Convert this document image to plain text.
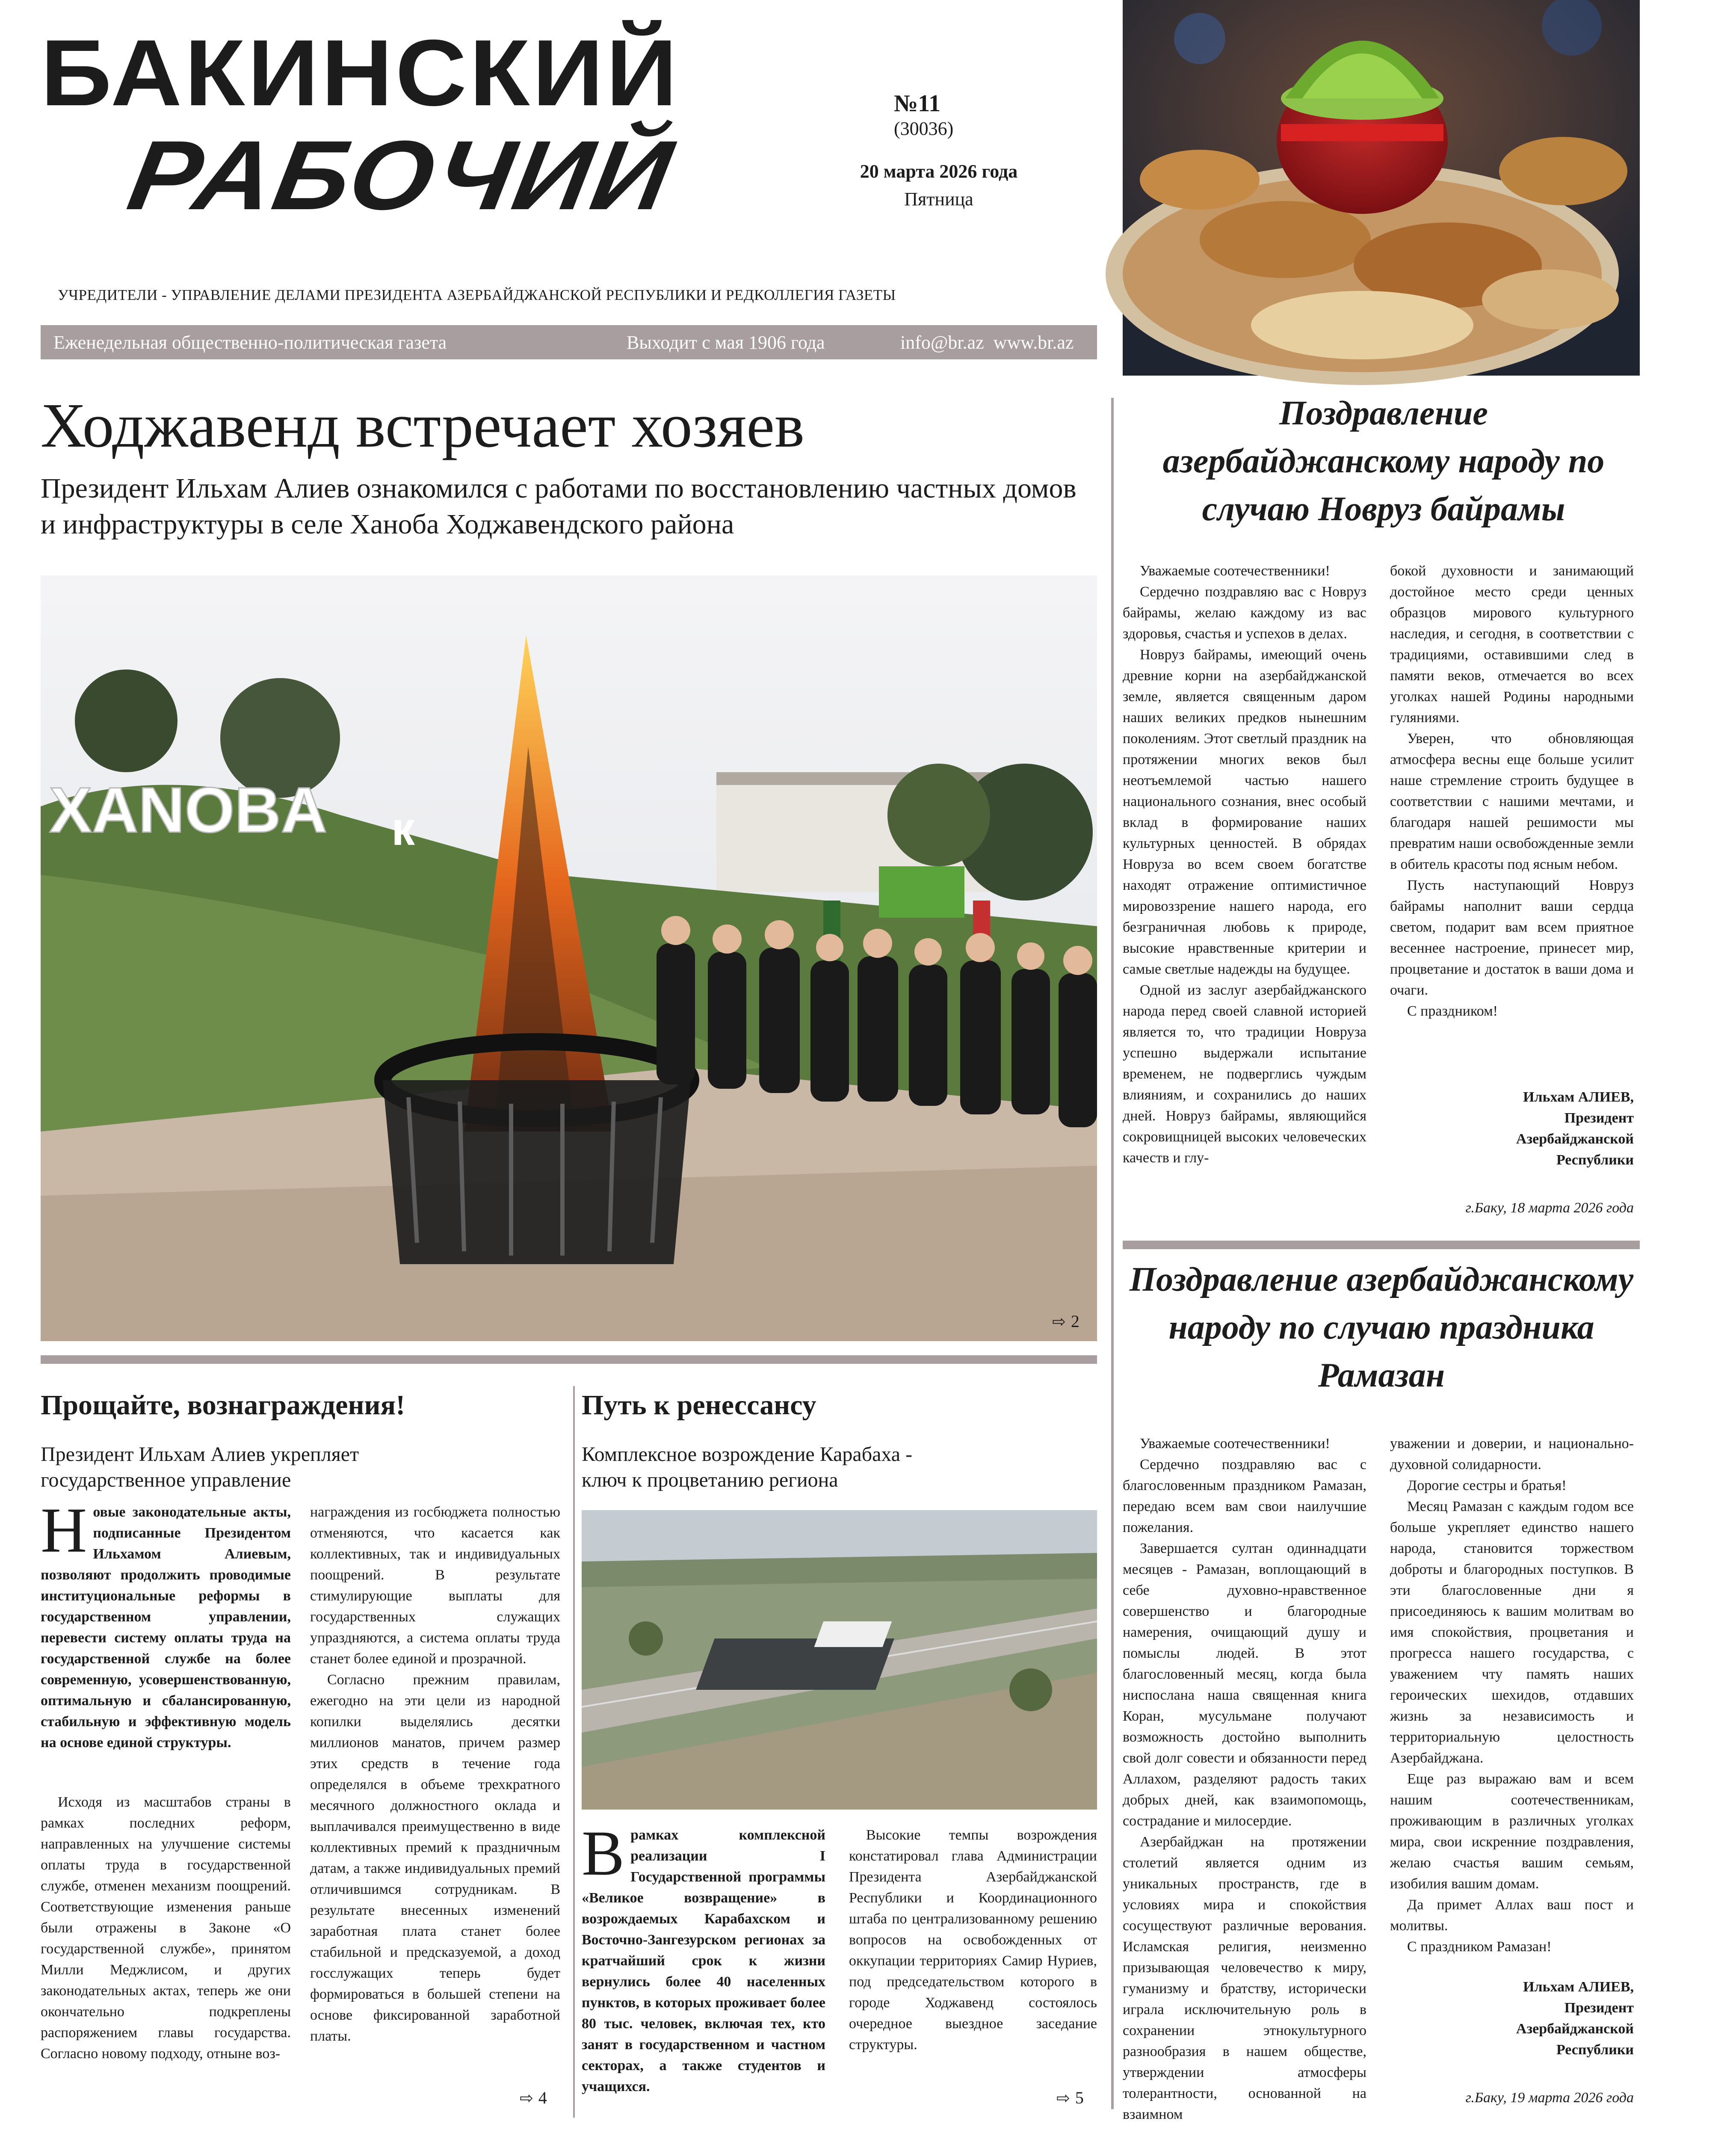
БАКИНСКИЙ
РАБОЧИЙ
№11
(30036)
20 марта 2026 года
Пятница
УЧРЕДИТЕЛИ - УПРАВЛЕНИЕ ДЕЛАМИ ПРЕЗИДЕНТА АЗЕРБАЙДЖАНСКОЙ РЕСПУБЛИКИ И РЕДКОЛЛЕГИЯ ГАЗЕТЫ
Еженедельная общественно-политическая газета	Выходит с мая 1906 года	info@br.az  www.br.az
Ходжавенд встречает хозяев
Президент Ильхам Алиев ознакомился с работами по восстановлению частных домов и инфраструктуры в селе Ханоба Ходжавендского района
XANOBA к
⇨ 2
Поздравление азербайджанскому народу по случаю Новруз байрамы

Уважаемые соотечественники!

Сердечно поздравляю вас с Новруз байрамы, желаю каждому из вас здоровья, счастья и успехов в делах.

Новруз байрамы, имеющий очень древние корни на азербайджанской земле, является священным даром наших великих предков нынешним поколениям. Этот светлый праздник на протяжении многих веков был неотъемлемой частью нашего национального сознания, внес особый вклад в формирование наших культурных ценностей. В обрядах Новруза во всем своем богатстве находят отражение оптимистичное мировоззрение нашего народа, его безграничная любовь к природе, высокие нравственные критерии и самые светлые надежды на будущее.

Одной из заслуг азербайджанского народа перед своей славной историей является то, что традиции Новруза успешно выдержали испытание временем, не подверглись чуждым влияниям, и сохранились до наших дней. Новруз байрамы, являющийся сокровищницей высоких человеческих качеств и глу-

бокой духовности и занимающий достойное место среди ценных образцов мирового культурного наследия, и сегодня, в соответствии с традициями, оставившими след в памяти веков, отмечается во всех уголках нашей Родины народными гуляниями.

Уверен, что обновляющая атмосфера весны еще больше усилит наше стремление строить будущее в соответствии с нашими мечтами, и благодаря нашей решимости мы превратим наши освобожденные земли в обитель красоты под ясным небом.

Пусть наступающий Новруз байрамы наполнит ваши сердца светом, подарит вам всем приятное весеннее настроение, принесет мир, процветание и достаток в ваши дома и очаги.

С праздником!

Ильхам АЛИЕВ,
Президент
Азербайджанской
Республики
г.Баку, 18 марта 2026 года
Поздравление азербайджанскому народу по случаю праздника Рамазан

Уважаемые соотечественники!

Сердечно поздравляю вас с благословенным праздником Рамазан, передаю всем вам свои наилучшие пожелания.

Завершается султан одиннадцати месяцев - Рамазан, воплощающий в себе духовно-нравственное совершенство и благородные намерения, очищающий душу и помыслы людей. В этот благословенный месяц, когда была ниспослана наша священная книга Коран, мусульмане получают возможность достойно выполнить свой долг совести и обязанности перед Аллахом, разделяют радость таких добрых дней, как взаимопомощь, сострадание и милосердие.

Азербайджан на протяжении столетий является одним из уникальных пространств, где в условиях мира и спокойствия сосуществуют различные верования. Исламская религия, неизменно призывающая человечество к миру, гуманизму и братству, исторически играла исключительную роль в сохранении этнокультурного разнообразия в нашем обществе, утверждении атмосферы толерантности, основанной на взаимном

уважении и доверии, и национально-духовной солидарности.

Дорогие сестры и братья!

Месяц Рамазан с каждым годом все больше укрепляет единство нашего народа, становится торжеством доброты и благородных поступков. В эти благословенные дни я присоединяюсь к вашим молитвам во имя спокойствия, процветания и прогресса нашего государства, с уважением чту память наших героических шехидов, отдавших жизнь за независимость и территориальную целостность Азербайджана.

Еще раз выражаю вам и всем нашим соотечественникам, проживающим в различных уголках мира, свои искренние поздравления, желаю счастья вашим семьям, изобилия вашим домам.

Да примет Аллах ваш пост и молитвы.

С праздником Рамазан!

Ильхам АЛИЕВ,
Президент
Азербайджанской
Республики
г.Баку, 19 марта 2026 года
Прощайте, вознаграждения!
Президент Ильхам Алиев укрепляет государственное управление

Новые законодательные акты, подписанные Президентом Ильхамом Алиевым, позволяют продолжить проводимые институциональные реформы в государственном управлении, перевести систему оплаты труда на государственной службе на более современную, усовершенствованную, оптимальную и сбалансированную, стабильную и эффективную модель на основе единой структуры.

Исходя из масштабов страны в рамках последних реформ, направленных на улучшение системы оплаты труда в государственной службе, отменен механизм поощрений. Соответствующие изменения раньше были отражены в Законе «О государственной службе», принятом Милли Меджлисом, и других законодательных актах, теперь же они окончательно подкреплены распоряжением главы государства. Согласно новому подходу, отныне воз-

награждения из госбюджета полностью отменяются, что касается как коллективных, так и индивидуальных поощрений. В результате стимулирующие выплаты для государственных служащих упраздняются, а система оплаты труда станет более единой и прозрачной.

Согласно прежним правилам, ежегодно на эти цели из народной копилки выделялись десятки миллионов манатов, причем размер этих средств в течение года определялся в объеме трехкратного месячного должностного оклада и выплачивался преимущественно в виде коллективных премий к праздничным датам, а также индивидуальных премий отличившимся сотрудникам. В результате внесенных изменений заработная плата станет более стабильной и предсказуемой, а доход госслужащих теперь будет формироваться в большей степени на основе фиксированной заработной платы.

⇨ 4
Путь к ренессансу
Комплексное возрождение Карабаха - ключ к процветанию региона

Врамках комплексной реализации I Государственной программы «Великое возвращение» в возрождаемых Карабахском и Восточно-Зангезурском регионах за кратчайший срок к жизни вернулись более 40 населенных пунктов, в которых проживает более 80 тыс. человек, включая тех, кто занят в государственном и частном секторах, а также студентов и учащихся.

Высокие темпы возрождения констатировал глава Администрации Президента Азербайджанской Республики и Координационного штаба по централизованному решению вопросов на освобожденных от оккупации территориях Самир Нуриев, под председательством которого в городе Ходжавенд состоялось очередное выездное заседание структуры.

⇨ 5
